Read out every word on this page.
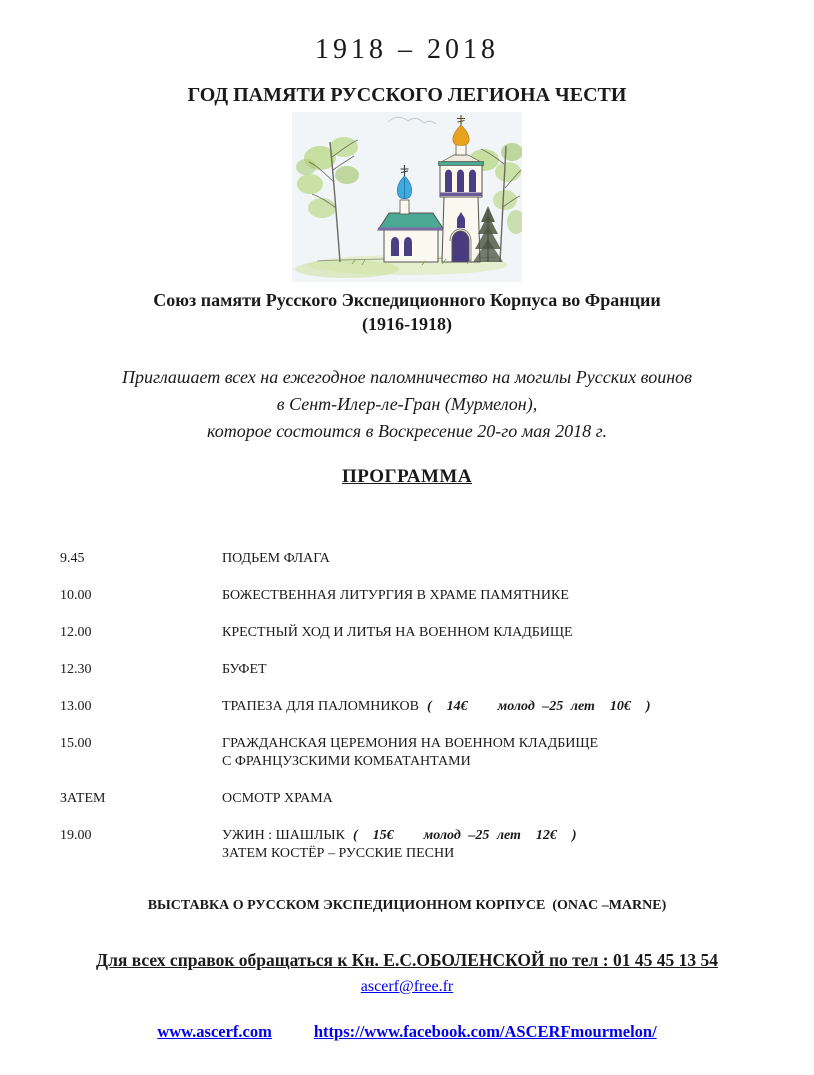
1918 – 2018
ГОД ПАМЯТИ РУССКОГО ЛЕГИОНА ЧЕСТИ
Союз памяти Русского Экспедиционного Корпуса во Франции
(1916-1918)
Приглашает всех на ежегодное паломничество на могилы Русских воинов
в Сент-Илер-ле-Гран (Мурмелон),
которое состоится в Воскресение 20-го мая 2018 г.
ПРОГРАММА
9.45	ПОДЬЕМ ФЛАГА
10.00	БОЖЕСТВЕННАЯ ЛИТУРГИЯ В ХРАМЕ ПАМЯТНИКЕ
12.00	КРЕСТНЫЙ ХОД И ЛИТЬЯ НА ВОЕННОМ КЛАДБИЩЕ
12.30	БУФЕТ
13.00	ТРАПЕЗА ДЛЯ ПАЛОМНИКОВ (  14€    молод –25 лет  10€  )
15.00	ГРАЖДАНСКАЯ ЦЕРЕМОНИЯ НА ВОЕННОМ КЛАДБИЩЕ
С ФРАНЦУЗСКИМИ КОМБАТАНТАМИ
ЗАТЕМ	ОСМОТР ХРАМА
19.00	УЖИН : ШАШЛЫК (  15€    молод –25 лет  12€  )
ЗАТЕМ КОСТЁР – РУССКИЕ ПЕСНИ
ВЫСТАВКА О РУССКОМ ЭКСПЕДИЦИОННОМ КОРПУСЕ  (ONAC –MARNE)
Для всех справок обращаться к Кн. Е.С.ОБОЛЕНСКОЙ по тел : 01 45 45 13 54
ascerf@free.fr
www.ascerf.com	https://www.facebook.com/ASCERFmourmelon/
